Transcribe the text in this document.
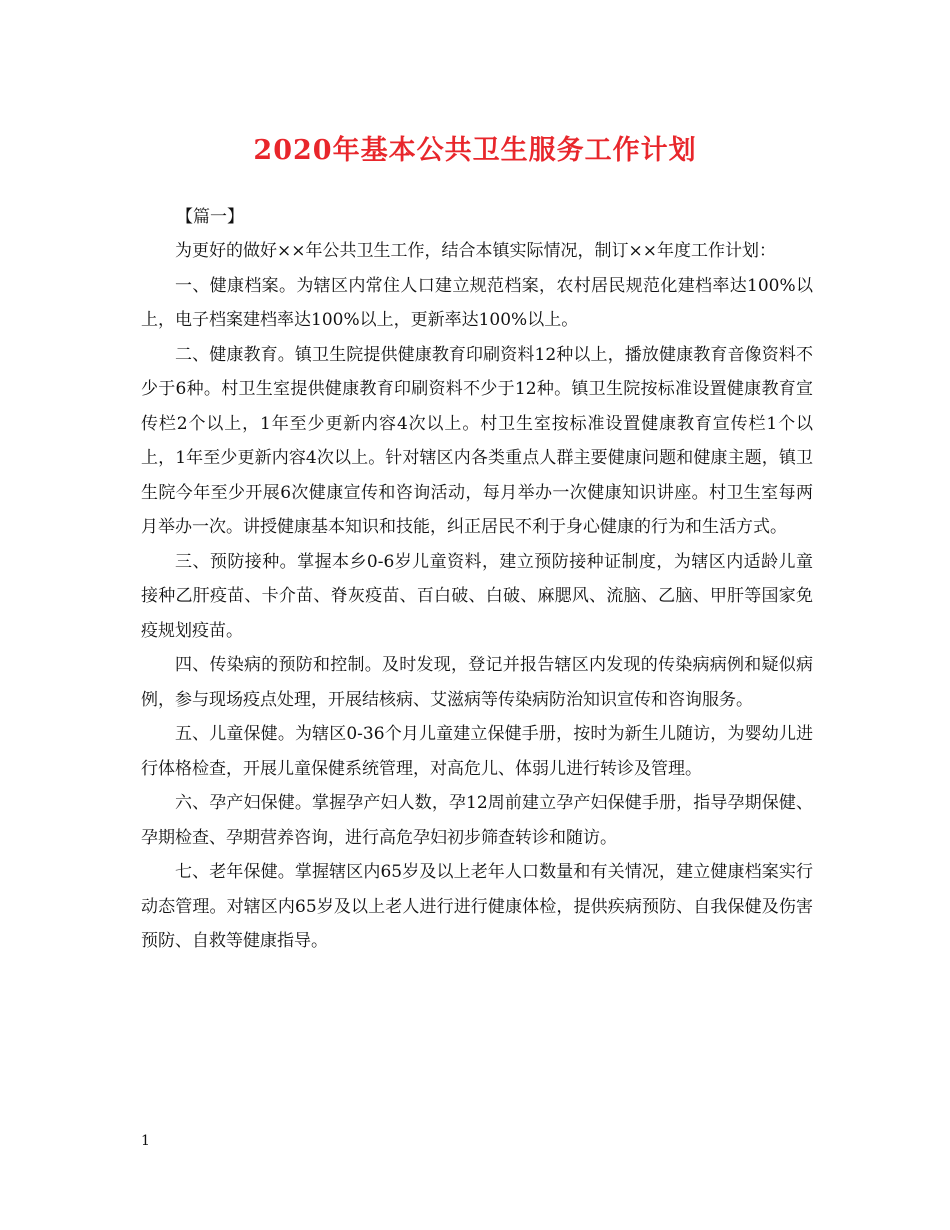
2020年基本公共卫生服务工作计划
【篇一】

为更好的做好××年公共卫生工作，结合本镇实际情况，制订××年度工作计划：

一、健康档案。为辖区内常住人口建立规范档案，农村居民规范化建档率达100%以上，电子档案建档率达100%以上，更新率达100%以上。

二、健康教育。镇卫生院提供健康教育印刷资料12种以上，播放健康教育音像资料不少于6种。村卫生室提供健康教育印刷资料不少于12种。镇卫生院按标准设置健康教育宣传栏2个以上，1年至少更新内容4次以上。村卫生室按标准设置健康教育宣传栏1个以上，1年至少更新内容4次以上。针对辖区内各类重点人群主要健康问题和健康主题，镇卫生院今年至少开展6次健康宣传和咨询活动，每月举办一次健康知识讲座。村卫生室每两月举办一次。讲授健康基本知识和技能，纠正居民不利于身心健康的行为和生活方式。

三、预防接种。掌握本乡0-6岁儿童资料，建立预防接种证制度，为辖区内适龄儿童接种乙肝疫苗、卡介苗、脊灰疫苗、百白破、白破、麻腮风、流脑、乙脑、甲肝等国家免疫规划疫苗。

四、传染病的预防和控制。及时发现，登记并报告辖区内发现的传染病病例和疑似病例，参与现场疫点处理，开展结核病、艾滋病等传染病防治知识宣传和咨询服务。

五、儿童保健。为辖区0-36个月儿童建立保健手册，按时为新生儿随访，为婴幼儿进行体格检查，开展儿童保健系统管理，对高危儿、体弱儿进行转诊及管理。

六、孕产妇保健。掌握孕产妇人数，孕12周前建立孕产妇保健手册，指导孕期保健、孕期检查、孕期营养咨询，进行高危孕妇初步筛查转诊和随访。

七、老年保健。掌握辖区内65岁及以上老年人口数量和有关情况，建立健康档案实行动态管理。对辖区内65岁及以上老人进行进行健康体检，提供疾病预防、自我保健及伤害预防、自救等健康指导。

1
